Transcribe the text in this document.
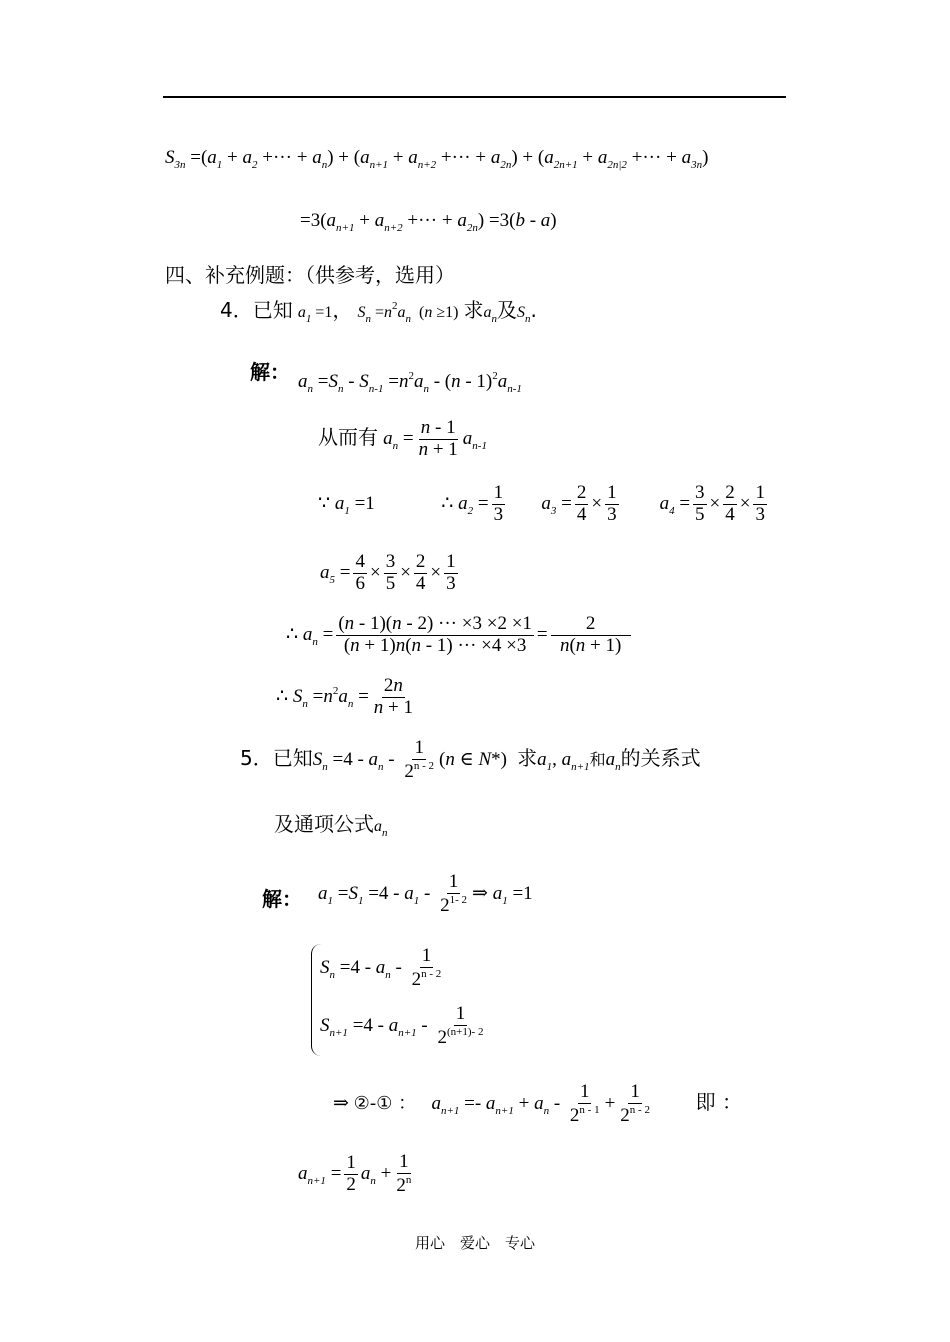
$S_{3n} =(a_1 + a_2$ +··· + $a_n) + (a_{n+1} + a_{n+2}$ +··· + $a_{2n}) + (a_{2n+1} + a_{2n|2}$ +··· + $a_{3n}$)
$=3(a_{n+1} + a_{n+2}$ +··· + $a_{2n}) =3(b - a)$
四、补充例题：（供参考，选用）
4．已知 $a_1 =1$， $S_n =n^2a_n$  (n ≥1) 求$a_n$及$S_n$.
解： $a_n =S_n - S_{n-1} =n^2a_n - (n - 1)^2a_{n-1}$
从而有 $a_n = \frac{n - 1}{n + 1} a_{n-1}$
∵ $a_1 =1$              ∴ $a_2 = \frac{1}{3} a_3 = \frac{2}{4} \times \frac{1}{3} a_4 = \frac{3}{5} \times \frac{2}{4} \times \frac{1}{3}$
$a_5 = \frac{4}{6} \times \frac{3}{5} \times \frac{2}{4} \times \frac{1}{3}$
∴ $a_n = \frac{(n - 1)(n - 2) \cdot\cdot\cdot \times 3 \times 2 \times 1}{(n + 1)n(n - 1) \cdot\cdot\cdot \times 4 \times 3} = \frac{2}{n(n + 1)}$
∴ $S_n =n^2a_n = \frac{2n}{n + 1}$
5．已知$S_n =4 - a_n - \frac{1}{2^{n - 2}} (n$ ∈ N*) 求$a_1$, $a_{n+1}$和$a_n$的关系式
及通项公式$a_n$
解： $a_1 =S_1 =4 - a_1 - \frac{1}{2^{1- 2}}$ ⇒ $a_1 =1$
$S_n =4 - a_n - \frac{1}{2^{n - 2}}$
$S_{n+1} =4 - a_{n+1} - \frac{1}{2^{(n+1)- 2}}$
⇒ ②-① ： $a_{n+1} =- a_{n+1} + a_n - \frac{1}{2^{n - 1}} + \frac{1}{2^{n - 2}}$ 即 ：
$a_{n+1} = \frac{1}{2} a_n + \frac{1}{2^n}$
用心　爱心　专心
